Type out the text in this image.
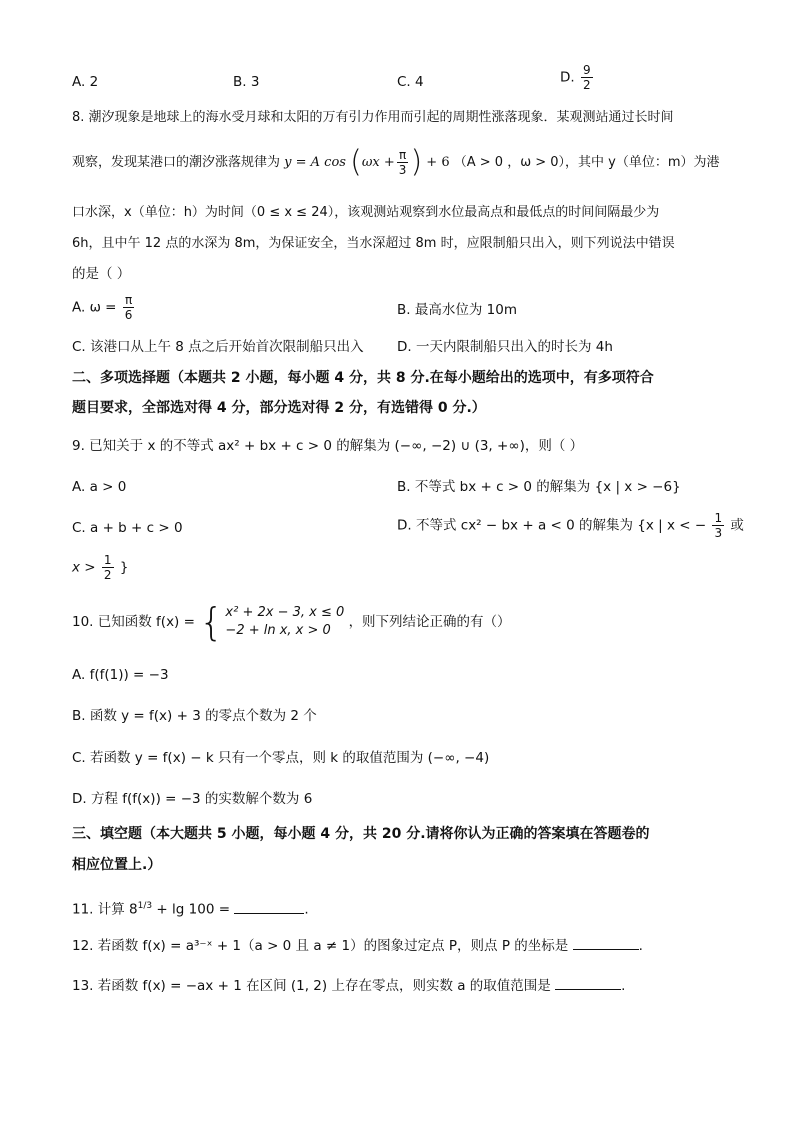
A. 2	B. 3	C. 4	D. $\frac{9}{2}$
8. 潮汐现象是地球上的海水受月球和太阳的万有引力作用而引起的周期性涨落现象．某观测站通过长时间
观察，发现某港口的潮汐涨落规律为 y = A $\cos (\omega x + \frac{\pi}{3}$ ) + 6 （A > 0 ，ω > 0），其中 y（单位：m）为港
口水深，x（单位：h）为时间（0 ≤ x ≤ 24），该观测站观察到水位最高点和最低点的时间间隔最少为
6h，且中午 12 点的水深为 8m，为保证安全，当水深超过 8m 时，应限制船只出入，则下列说法中错误
的是（ ）
A. $\omega = \frac{\pi}{6}$	B. 最高水位为 10m
C. 该港口从上午 8 点之后开始首次限制船只出入 D. 一天内限制船只出入的时长为 4h
二、多项选择题（本题共 2 小题，每小题 4 分，共 8 分.在每小题给出的选项中，有多项符合
题目要求，全部选对得 4 分，部分选对得 2 分，有选错得 0 分.）
9. 已知关于 x 的不等式 ax² + bx + c > 0 的解集为 (−∞, −2) ∪ (3, +∞)，则（ ）
A. a > 0	B. 不等式 bx + c > 0 的解集为 {x | x > −6}
C. a + b + c > 0	D. 不等式 cx² − bx + a < 0 的解集为 {x | x < − $\frac{1}{3}$ 或
$x > \frac{1}{2}$ }
10. 已知函数 f(x) = { x² + 2x − 3, x ≤ 0
−2 + ln x, x > 0
，则下列结论正确的有（）
A. f(f(1)) = −3
B. 函数 y = f(x) + 3 的零点个数为 2 个
C. 若函数 y = f(x) − k 只有一个零点，则 k 的取值范围为 (−∞, −4)
D. 方程 f(f(x)) = −3 的实数解个数为 6
三、填空题（本大题共 5 小题，每小题 4 分，共 20 分.请将你认为正确的答案填在答题卷的
相应位置上.）
11. 计算 $8^{1/3} + \lg 100$ =	.
12. 若函数 f(x) = a³⁻ˣ + 1（a > 0 且 a ≠ 1）的图象过定点 P，则点 P 的坐标是	.
13. 若函数 f(x) = −ax + 1 在区间 (1, 2) 上存在零点，则实数 a 的取值范围是	.
